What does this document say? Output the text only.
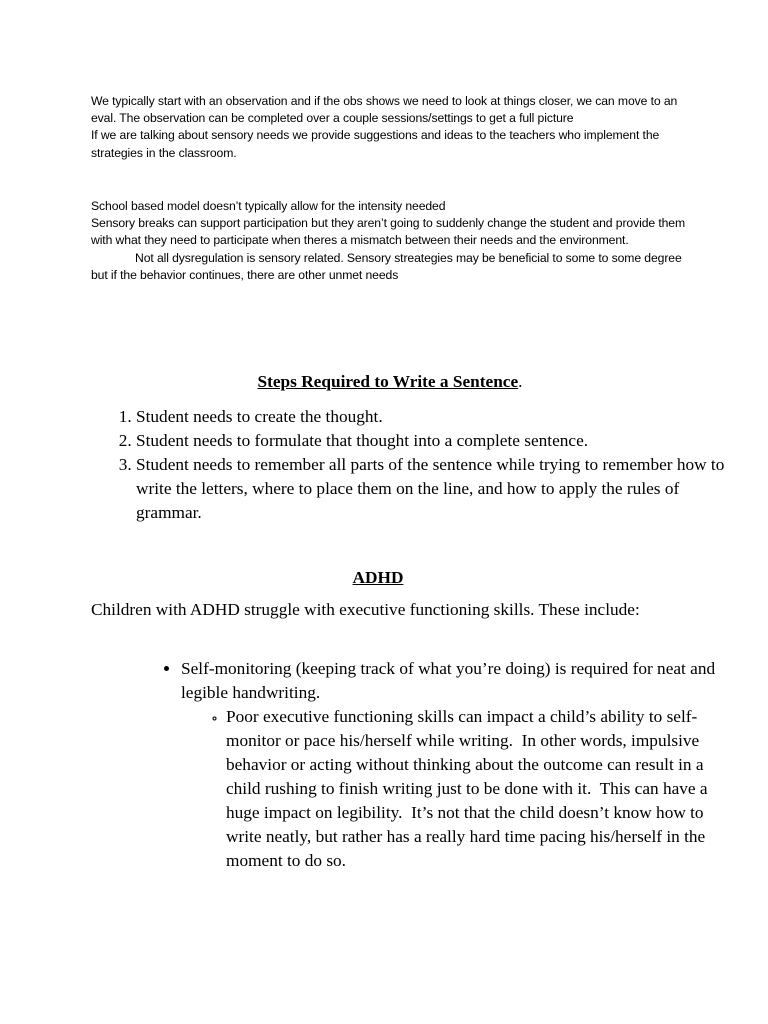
We typically start with an observation and if the obs shows we need to look at things closer, we can move to an eval. The observation can be completed over a couple sessions/settings to get a full picture

If we are talking about sensory needs we provide suggestions and ideas to the teachers who implement the strategies in the classroom.

School based model doesn’t typically allow for the intensity needed

Sensory breaks can support participation but they aren’t going to suddenly change the student and provide them with what they need to participate when theres a mismatch between their needs and the environment.

Not all dysregulation is sensory related. Sensory streategies may be beneficial to some to some degree but if the behavior continues, there are other unmet needs

Steps Required to Write a Sentence.
1. Student needs to create the thought.
2. Student needs to formulate that thought into a complete sentence.
3. Student needs to remember all parts of the sentence while trying to remember how to write the letters, where to place them on the line, and how to apply the rules of grammar.
ADHD

Children with ADHD struggle with executive functioning skills. These include:

• Self-monitoring (keeping track of what you’re doing) is required for neat and legible handwriting.
◦ Poor executive functioning skills can impact a child’s ability to self-monitor or pace his/herself while writing.  In other words, impulsive behavior or acting without thinking about the outcome can result in a child rushing to finish writing just to be done with it.  This can have a huge impact on legibility.  It’s not that the child doesn’t know how to write neatly, but rather has a really hard time pacing his/herself in the moment to do so.
